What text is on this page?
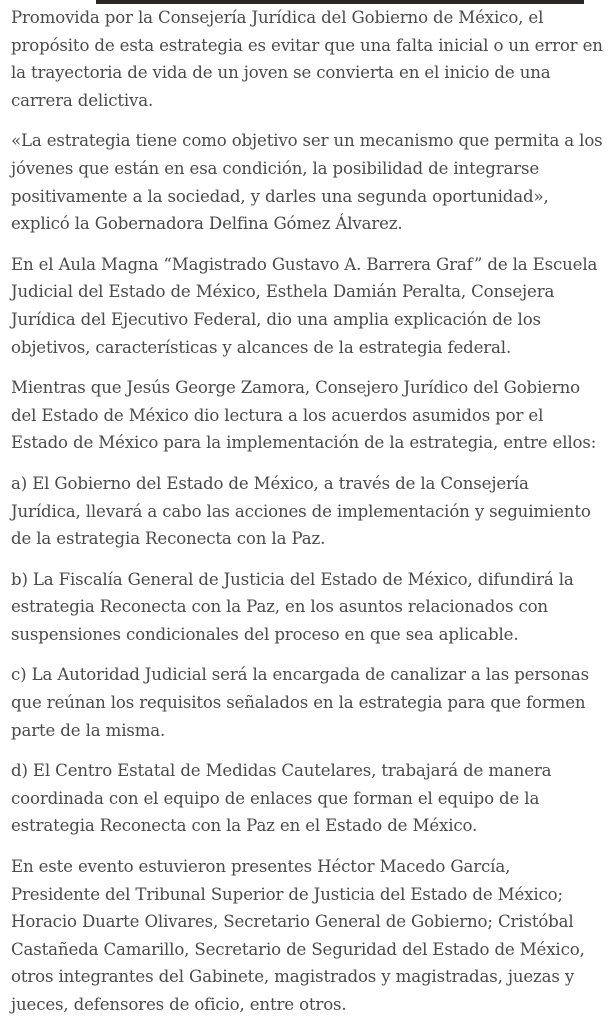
Promovida por la Consejería Jurídica del Gobierno de México, el propósito de esta estrategia es evitar que una falta inicial o un error en la trayectoria de vida de un joven se convierta en el inicio de una carrera delictiva.

«La estrategia tiene como objetivo ser un mecanismo que permita a los jóvenes que están en esa condición, la posibilidad de integrarse positivamente a la sociedad, y darles una segunda oportunidad», explicó la Gobernadora Delfina Gómez Álvarez.

En el Aula Magna “Magistrado Gustavo A. Barrera Graf” de la Escuela Judicial del Estado de México, Esthela Damián Peralta, Consejera Jurídica del Ejecutivo Federal, dio una amplia explicación de los objetivos, características y alcances de la estrategia federal.

Mientras que Jesús George Zamora, Consejero Jurídico del Gobierno del Estado de México dio lectura a los acuerdos asumidos por el Estado de México para la implementación de la estrategia, entre ellos:

a) El Gobierno del Estado de México, a través de la Consejería Jurídica, llevará a cabo las acciones de implementación y seguimiento de la estrategia Reconecta con la Paz.

b) La Fiscalía General de Justicia del Estado de México, difundirá la estrategia Reconecta con la Paz, en los asuntos relacionados con suspensiones condicionales del proceso en que sea aplicable.

c) La Autoridad Judicial será la encargada de canalizar a las personas que reúnan los requisitos señalados en la estrategia para que formen parte de la misma.

d) El Centro Estatal de Medidas Cautelares, trabajará de manera coordinada con el equipo de enlaces que forman el equipo de la estrategia Reconecta con la Paz en el Estado de México.

En este evento estuvieron presentes Héctor Macedo García, Presidente del Tribunal Superior de Justicia del Estado de México; Horacio Duarte Olivares, Secretario General de Gobierno; Cristóbal Castañeda Camarillo, Secretario de Seguridad del Estado de México, otros integrantes del Gabinete, magistrados y magistradas, juezas y jueces, defensores de oficio, entre otros.
